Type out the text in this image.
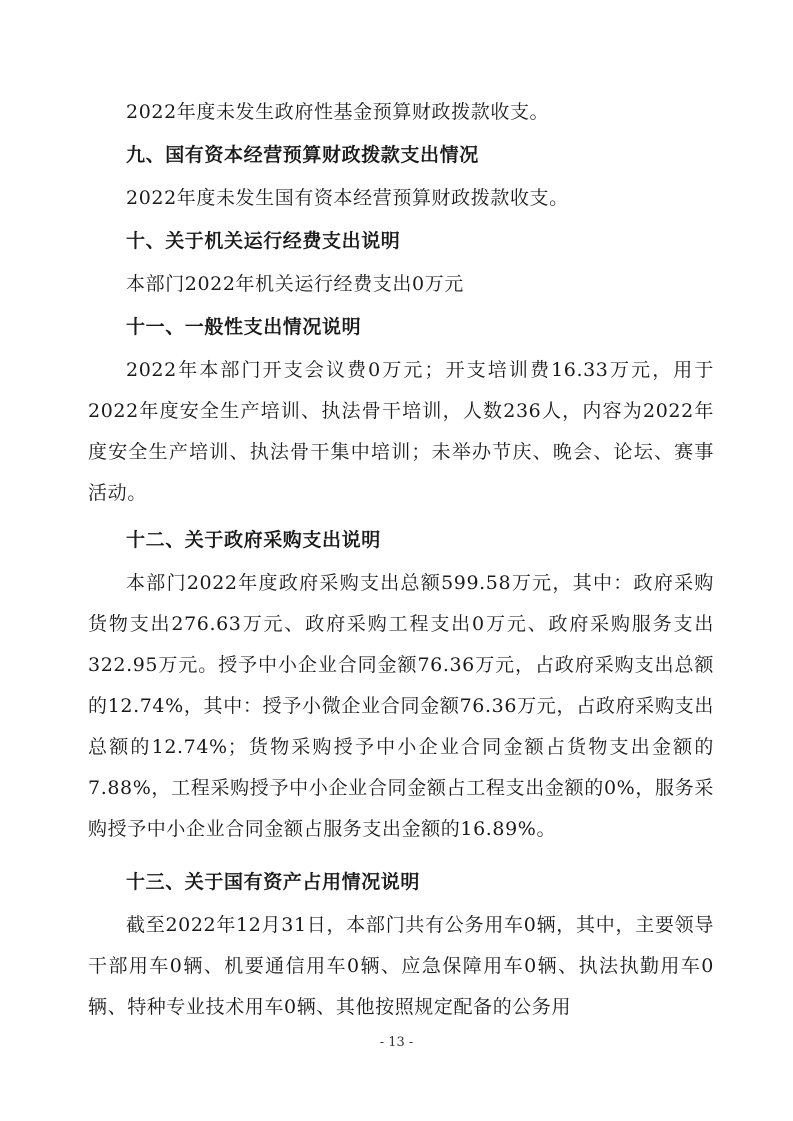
2022年度未发生政府性基金预算财政拨款收支。

九、国有资本经营预算财政拨款支出情况

2022年度未发生国有资本经营预算财政拨款收支。

十、关于机关运行经费支出说明

本部门2022年机关运行经费支出0万元

十一、一般性支出情况说明

2022年本部门开支会议费0万元；开支培训费16.33万元，用于2022年度安全生产培训、执法骨干培训，人数236人，内容为2022年度安全生产培训、执法骨干集中培训；未举办节庆、晚会、论坛、赛事活动。

十二、关于政府采购支出说明

本部门2022年度政府采购支出总额599.58万元，其中：政府采购货物支出276.63万元、政府采购工程支出0万元、政府采购服务支出322.95万元。授予中小企业合同金额76.36万元，占政府采购支出总额的12.74%，其中：授予小微企业合同金额76.36万元，占政府采购支出总额的12.74%；货物采购授予中小企业合同金额占货物支出金额的7.88%，工程采购授予中小企业合同金额占工程支出金额的0%，服务采购授予中小企业合同金额占服务支出金额的16.89%。

十三、关于国有资产占用情况说明

截至2022年12月31日，本部门共有公务用车0辆，其中，主要领导干部用车0辆、机要通信用车0辆、应急保障用车0辆、执法执勤用车0辆、特种专业技术用车0辆、其他按照规定配备的公务用

- 13 -
